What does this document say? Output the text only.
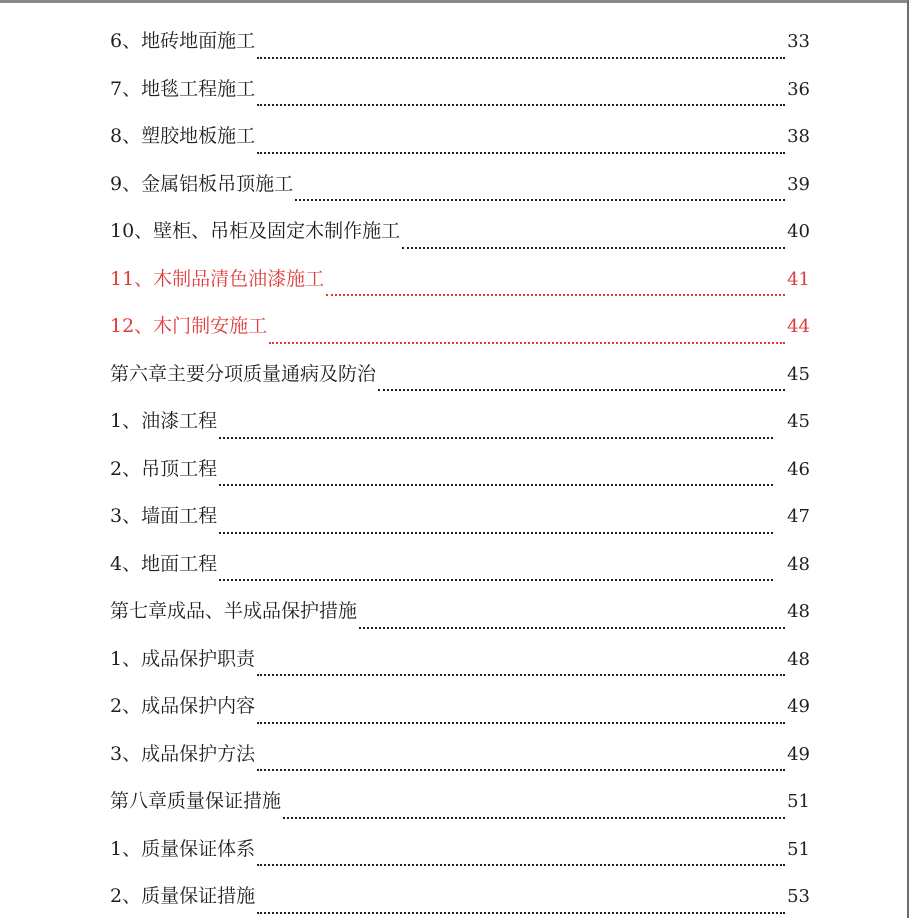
6、地砖地面施工	33
7、地毯工程施工	36
8、塑胶地板施工	38
9、金属铝板吊顶施工	39
10、壁柜、吊柜及固定木制作施工	40
11、木制品清色油漆施工	41
12、木门制安施工	44
第六章主要分项质量通病及防治	45
1、油漆工程	45
2、吊顶工程	46
3、墙面工程	47
4、地面工程	48
第七章成品、半成品保护措施	48
1、成品保护职责	48
2、成品保护内容	49
3、成品保护方法	49
第八章质量保证措施	51
1、质量保证体系	51
2、质量保证措施	53
